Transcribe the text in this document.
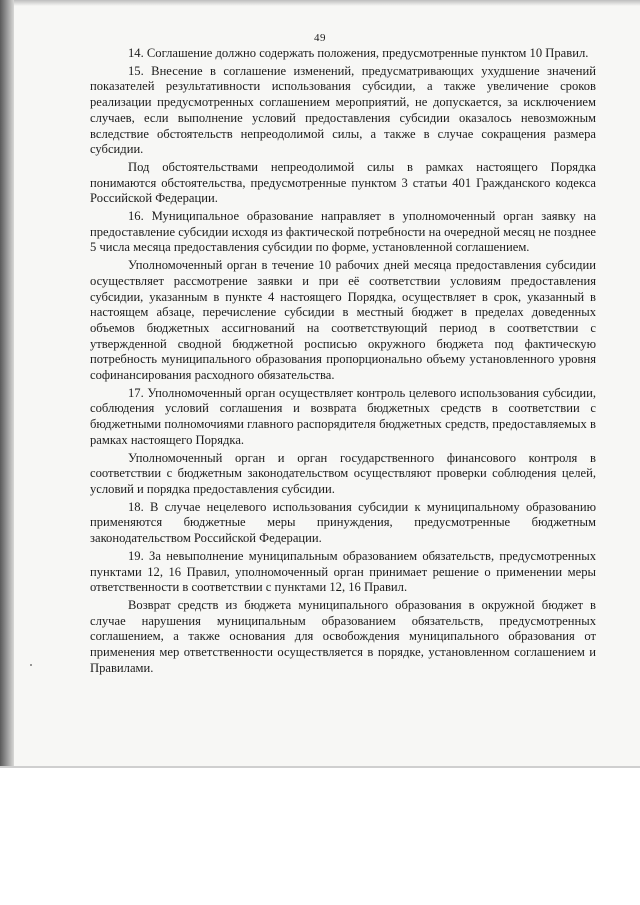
49

14. Соглашение должно содержать положения, предусмотренные пунктом 10 Правил.

15. Внесение в соглашение изменений, предусматривающих ухудшение значений показателей результативности использования субсидии, а также увеличение сроков реализации предусмотренных соглашением мероприятий, не допускается, за исключением случаев, если выполнение условий предоставления субсидии оказалось невозможным вследствие обстоятельств непреодолимой силы, а также в случае сокращения размера субсидии.

Под обстоятельствами непреодолимой силы в рамках настоящего Порядка понимаются обстоятельства, предусмотренные пунктом 3 статьи 401 Гражданского кодекса Российской Федерации.

16. Муниципальное образование направляет в уполномоченный орган заявку на предоставление субсидии исходя из фактической потребности на очередной месяц не позднее 5 числа месяца предоставления субсидии по форме, установленной соглашением.

Уполномоченный орган в течение 10 рабочих дней месяца предоставления субсидии осуществляет рассмотрение заявки и при её соответствии условиям предоставления субсидии, указанным в пункте 4 настоящего Порядка, осуществляет в срок, указанный в настоящем абзаце, перечисление субсидии в местный бюджет в пределах доведенных объемов бюджетных ассигнований на соответствующий период в соответствии с утвержденной сводной бюджетной росписью окружного бюджета под фактическую потребность муниципального образования пропорционально объему установленного уровня софинансирования расходного обязательства.

17. Уполномоченный орган осуществляет контроль целевого использования субсидии, соблюдения условий соглашения и возврата бюджетных средств в соответствии с бюджетными полномочиями главного распорядителя бюджетных средств, предоставляемых в рамках настоящего Порядка.

Уполномоченный орган и орган государственного финансового контроля в соответствии с бюджетным законодательством осуществляют проверки соблюдения целей, условий и порядка предоставления субсидии.

18. В случае нецелевого использования субсидии к муниципальному образованию применяются бюджетные меры принуждения, предусмотренные бюджетным законодательством Российской Федерации.

19. За невыполнение муниципальным образованием обязательств, предусмотренных пунктами 12, 16 Правил, уполномоченный орган принимает решение о применении меры ответственности в соответствии с пунктами 12, 16 Правил.

Возврат средств из бюджета муниципального образования в окружной бюджет в случае нарушения муниципальным образованием обязательств, предусмотренных соглашением, а также основания для освобождения муниципального образования от применения мер ответственности осуществляется в порядке, установленном соглашением и Правилами.
